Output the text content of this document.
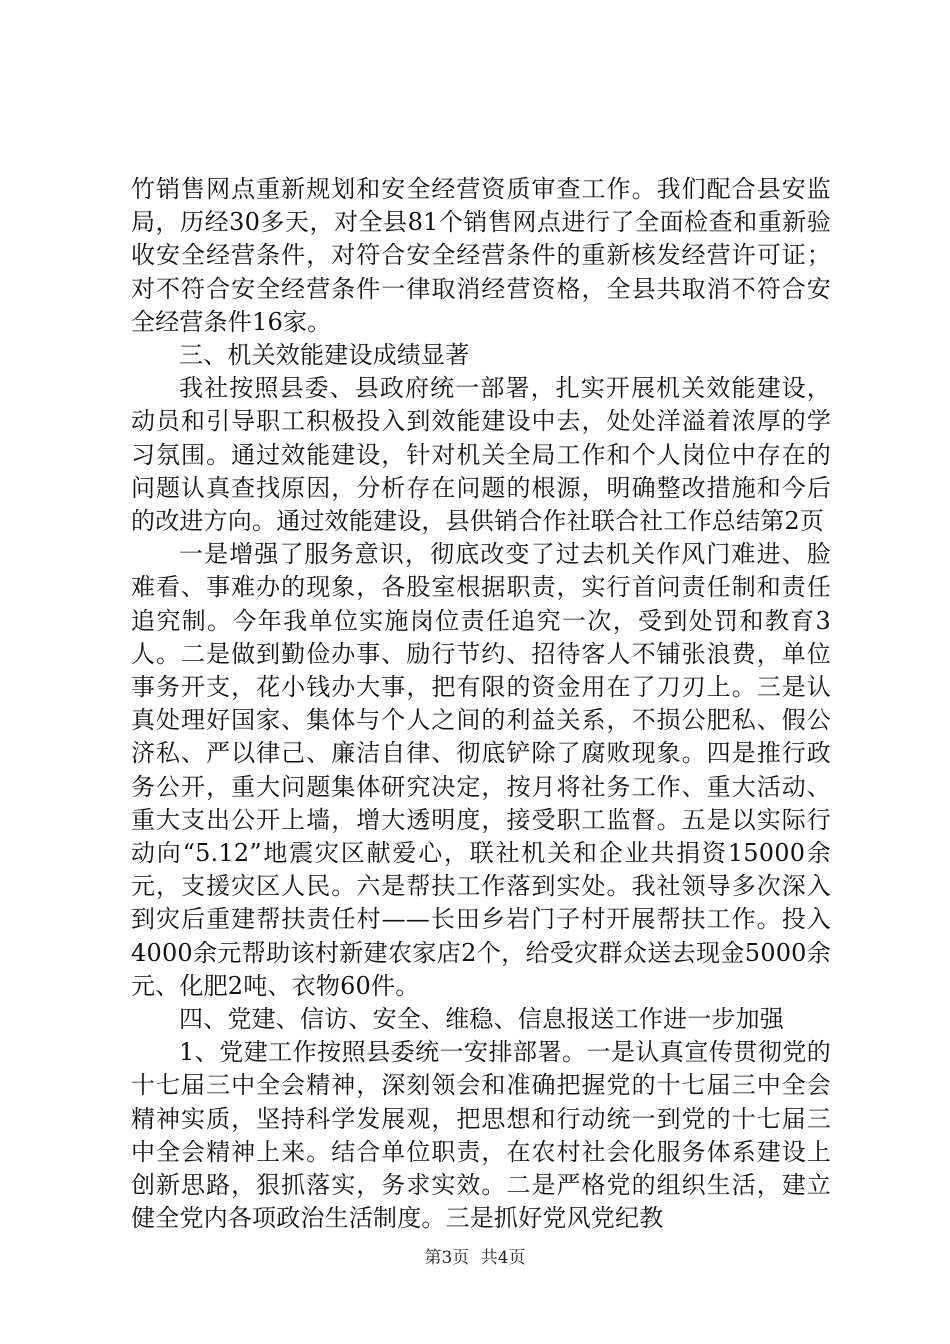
竹销售网点重新规划和安全经营资质审查工作。我们配合县安监局，历经30多天，对全县81个销售网点进行了全面检查和重新验收安全经营条件，对符合安全经营条件的重新核发经营许可证；对不符合安全经营条件一律取消经营资格，全县共取消不符合安全经营条件16家。

三、机关效能建设成绩显著

我社按照县委、县政府统一部署，扎实开展机关效能建设，动员和引导职工积极投入到效能建设中去，处处洋溢着浓厚的学习氛围。通过效能建设，针对机关全局工作和个人岗位中存在的问题认真查找原因，分析存在问题的根源，明确整改措施和今后的改进方向。通过效能建设，县供销合作社联合社工作总结第2页

一是增强了服务意识，彻底改变了过去机关作风门难进、脸难看、事难办的现象，各股室根据职责，实行首问责任制和责任追究制。今年我单位实施岗位责任追究一次，受到处罚和教育3人。二是做到勤俭办事、励行节约、招待客人不铺张浪费，单位事务开支，花小钱办大事，把有限的资金用在了刀刃上。三是认真处理好国家、集体与个人之间的利益关系，不损公肥私、假公济私、严以律己、廉洁自律、彻底铲除了腐败现象。四是推行政务公开，重大问题集体研究决定，按月将社务工作、重大活动、重大支出公开上墙，增大透明度，接受职工监督。五是以实际行动向“5.12”地震灾区献爱心，联社机关和企业共捐资15000余元，支援灾区人民。六是帮扶工作落到实处。我社领导多次深入到灾后重建帮扶责任村——长田乡岩门子村开展帮扶工作。投入4000余元帮助该村新建农家店2个，给受灾群众送去现金5000余元、化肥2吨、衣物60件。

四、党建、信访、安全、维稳、信息报送工作进一步加强

1、党建工作按照县委统一安排部署。一是认真宣传贯彻党的十七届三中全会精神，深刻领会和准确把握党的十七届三中全会精神实质，坚持科学发展观，把思想和行动统一到党的十七届三中全会精神上来。结合单位职责，在农村社会化服务体系建设上创新思路，狠抓落实，务求实效。二是严格党的组织生活，建立健全党内各项政治生活制度。三是抓好党风党纪教

第3页 共4页
